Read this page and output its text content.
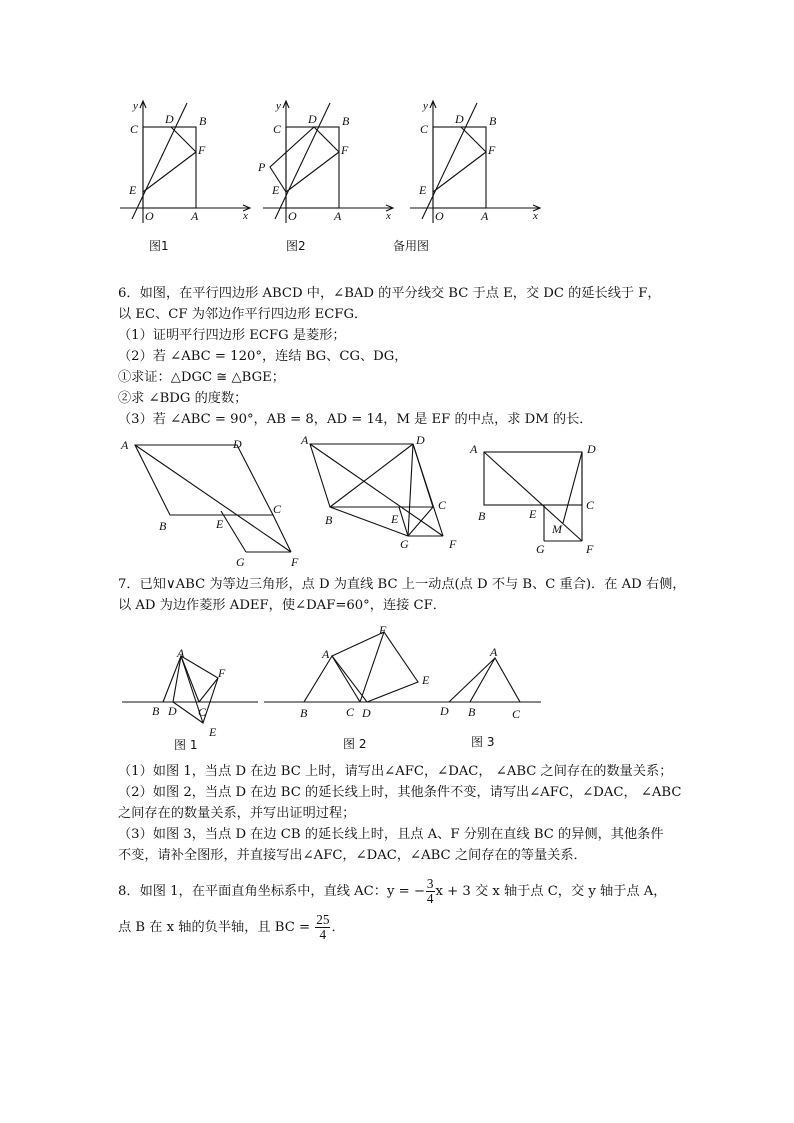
y
x
O	A
B
C
D
E
F
图1
y
x
O	A
B
C
D
E
F
P
图2
y
x
O	A
B
C
D
E
F
备用图
6．如图，在平行四边形 ABCD 中，∠BAD 的平分线交 BC 于点 E，交 DC 的延长线于 F，
以 EC、CF 为邻边作平行四边形 ECFG．
（1）证明平行四边形 ECFG 是菱形；
（2）若 ∠ABC = 120°，连结 BG、CG、DG，
①求证：△DGC ≅ △BGE；
②求 ∠BDG 的度数；
（3）若 ∠ABC = 90°，AB = 8，AD = 14，M 是 EF 的中点，求 DM 的长．
A	D
B	E
C
G	F
A	D
B	E
C
G	F
A	D
B	E
C
M
G	F
7．已知∨ABC 为等边三角形，点 D 为直线 BC 上一动点(点 D 不与 B、C 重合)．在 AD 右侧，
以 AD 为边作菱形 ADEF，使∠DAF=60°，连接 CF．
A
B D C
E
F
图 1
A
B	C D
E
F
图 2
A
D B	C
图 3
（1）如图 1，当点 D 在边 BC 上时，请写出∠AFC，∠DAC， ∠ABC 之间存在的数量关系；
（2）如图 2，当点 D 在边 BC 的延长线上时，其他条件不变，请写出∠AFC，∠DAC， ∠ABC
之间存在的数量关系，并写出证明过程；
（3）如图 3，当点 D 在边 CB 的延长线上时，且点 A、F 分别在直线 BC 的异侧，其他条件
不变，请补全图形，并直接写出∠AFC，∠DAC，∠ABC 之间存在的等量关系．
8．如图 1，在平面直角坐标系中，直线 AC：y = − $\frac{3}{4}$ x + 3 交 x 轴于点 C，交 y 轴于点 A，
点 B 在 x 轴的负半轴，且 BC = $\frac{25}{4}$ ．
